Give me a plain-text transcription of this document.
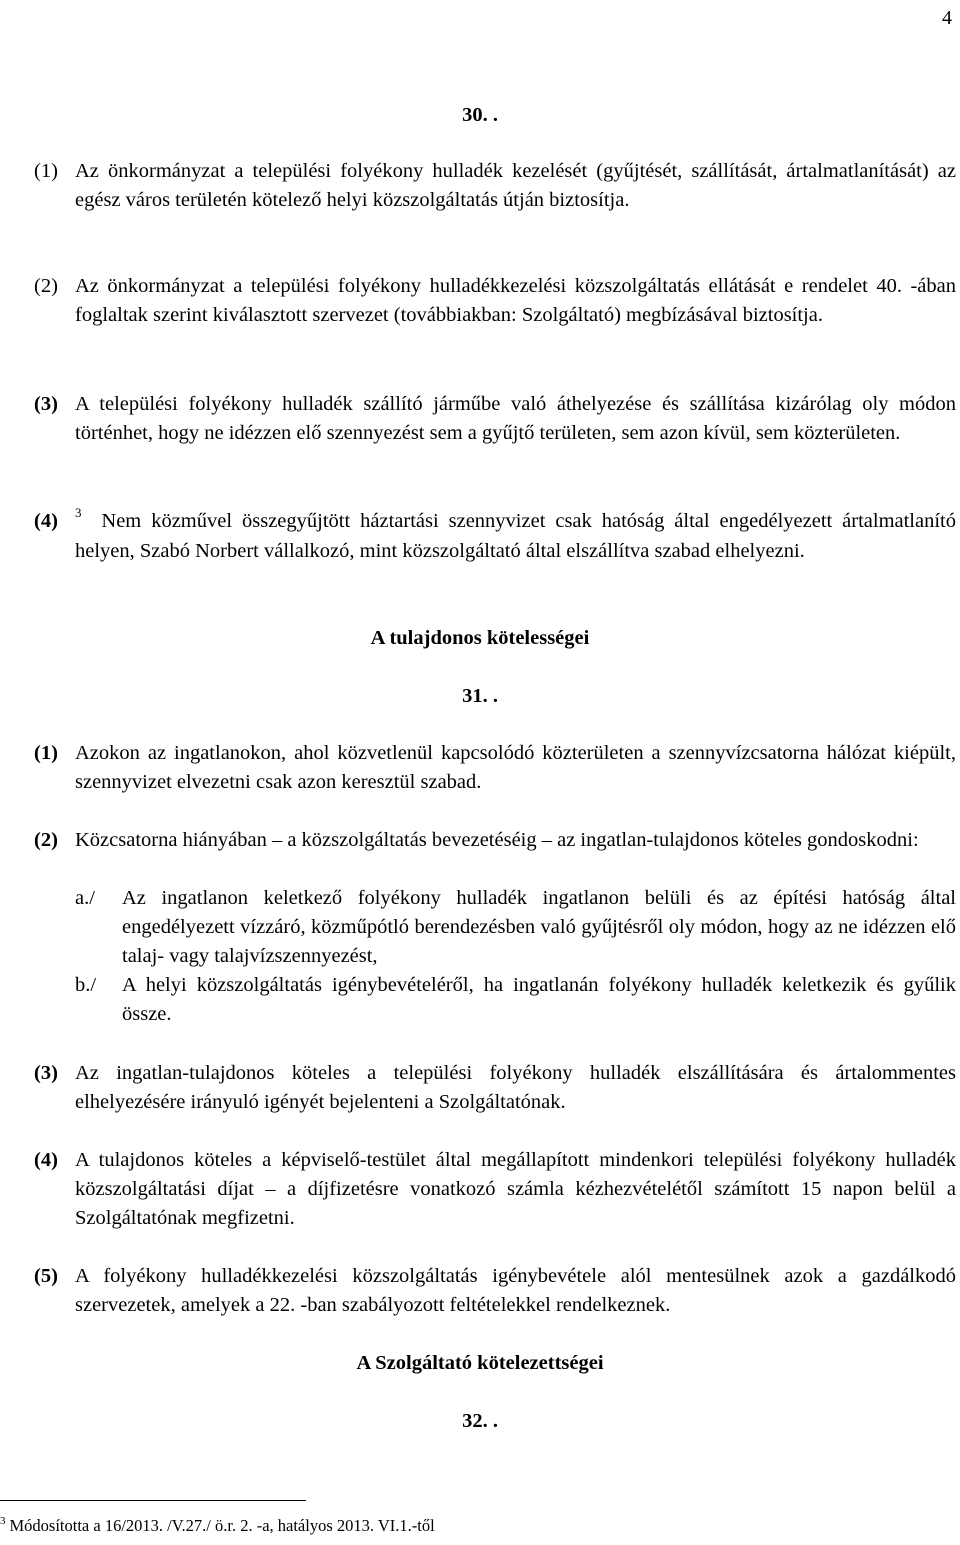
4
30. .
(1) Az önkormányzat a települési folyékony hulladék kezelését (gyűjtését, szállítását, ártalmatlanítását) az egész város területén kötelező helyi közszolgáltatás útján biztosítja.
(2) Az önkormányzat a települési folyékony hulladékkezelési közszolgáltatás ellátását e rendelet 40. -ában foglaltak szerint kiválasztott szervezet (továbbiakban: Szolgáltató) megbízásával biztosítja.
(3) A települési folyékony hulladék szállító járműbe való áthelyezése és szállítása kizárólag oly módon történhet, hogy ne idézzen elő szennyezést sem a gyűjtő területen, sem azon kívül, sem közterületen.
(4) $^3$ Nem közművel összegyűjtött háztartási szennyvizet csak hatóság által engedélyezett ártalmatlanító helyen, Szabó Norbert vállalkozó, mint közszolgáltató által elszállítva szabad elhelyezni.
A tulajdonos kötelességei
31. .
(1) Azokon az ingatlanokon, ahol közvetlenül kapcsolódó közterületen a szennyvízcsatorna hálózat kiépült, szennyvizet elvezetni csak azon keresztül szabad.
(2) Közcsatorna hiányában – a közszolgáltatás bevezetéséig – az ingatlan-tulajdonos köteles gondoskodni:
a./ Az ingatlanon keletkező folyékony hulladék ingatlanon belüli és az építési hatóság által engedélyezett vízzáró, közműpótló berendezésben való gyűjtésről oly módon, hogy az ne idézzen elő talaj- vagy talajvízszennyezést,
b./ A helyi közszolgáltatás igénybevételéről, ha ingatlanán folyékony hulladék keletkezik és gyűlik össze.
(3) Az ingatlan-tulajdonos köteles a települési folyékony hulladék elszállítására és ártalommentes elhelyezésére irányuló igényét bejelenteni a Szolgáltatónak.
(4) A tulajdonos köteles a képviselő-testület által megállapított mindenkori települési folyékony hulladék közszolgáltatási díjat – a díjfizetésre vonatkozó számla kézhezvételétől számított 15 napon belül a Szolgáltatónak megfizetni.
(5) A folyékony hulladékkezelési közszolgáltatás igénybevétele alól mentesülnek azok a gazdálkodó szervezetek, amelyek a 22. -ban szabályozott feltételekkel rendelkeznek.
A Szolgáltató kötelezettségei
32. .
$^3$ Módosította a 16/2013. /V.27./ ö.r. 2. -a, hatályos 2013. VI.1.-től
